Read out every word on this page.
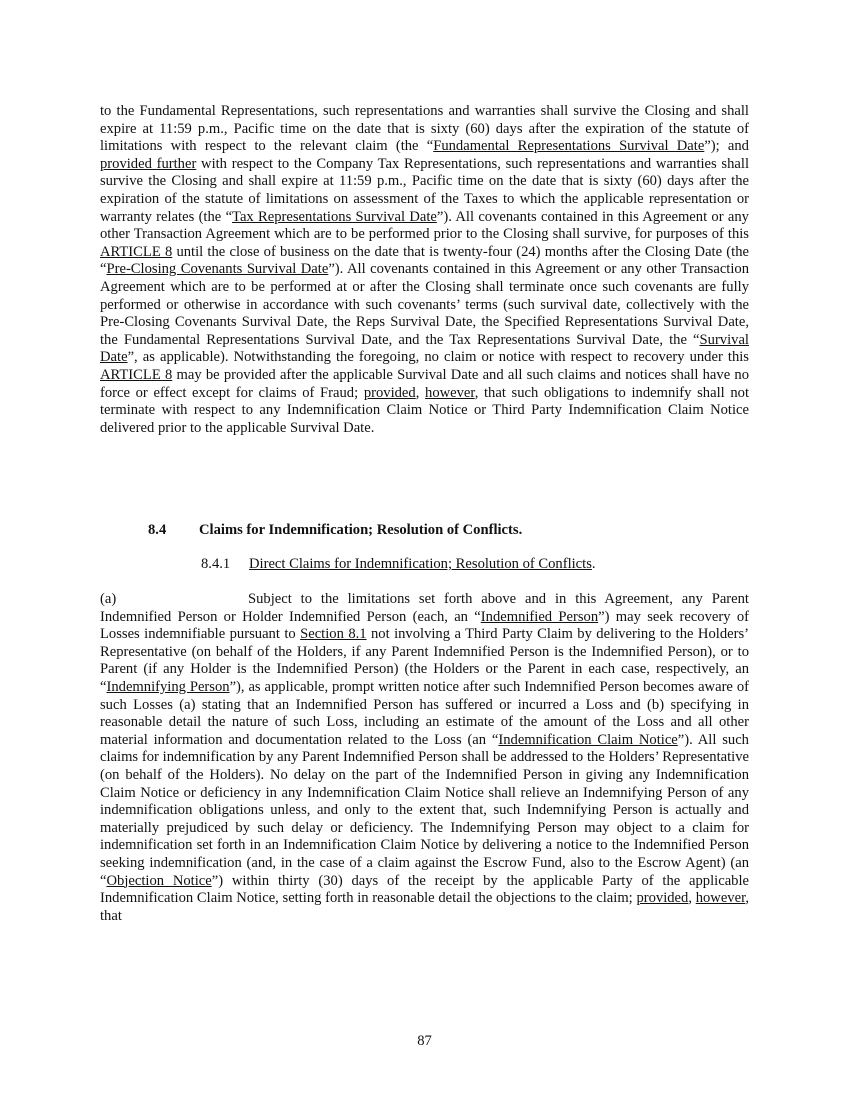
to the Fundamental Representations, such representations and warranties shall survive the Closing and shall expire at 11:59 p.m., Pacific time on the date that is sixty (60) days after the expiration of the statute of limitations with respect to the relevant claim (the “Fundamental Representations Survival Date”); and provided further with respect to the Company Tax Representations, such representations and warranties shall survive the Closing and shall expire at 11:59 p.m., Pacific time on the date that is sixty (60) days after the expiration of the statute of limitations on assessment of the Taxes to which the applicable representation or warranty relates (the “Tax Representations Survival Date”). All covenants contained in this Agreement or any other Transaction Agreement which are to be performed prior to the Closing shall survive, for purposes of this ARTICLE 8 until the close of business on the date that is twenty-four (24) months after the Closing Date (the “Pre-Closing Covenants Survival Date”). All covenants contained in this Agreement or any other Transaction Agreement which are to be performed at or after the Closing shall terminate once such covenants are fully performed or otherwise in accordance with such covenants’ terms (such survival date, collectively with the Pre-Closing Covenants Survival Date, the Reps Survival Date, the Specified Representations Survival Date, the Fundamental Representations Survival Date, and the Tax Representations Survival Date, the “Survival Date”, as applicable). Notwithstanding the foregoing, no claim or notice with respect to recovery under this ARTICLE 8 may be provided after the applicable Survival Date and all such claims and notices shall have no force or effect except for claims of Fraud; provided, however, that such obligations to indemnify shall not terminate with respect to any Indemnification Claim Notice or Third Party Indemnification Claim Notice delivered prior to the applicable Survival Date.

8.4 Claims for Indemnification; Resolution of Conflicts.

8.4.1 Direct Claims for Indemnification; Resolution of Conflicts.

(a)	Subject to the limitations set forth above and in this Agreement, any Parent Indemnified Person or Holder Indemnified Person (each, an “Indemnified Person”) may seek recovery of Losses indemnifiable pursuant to Section 8.1 not involving a Third Party Claim by delivering to the Holders’ Representative (on behalf of the Holders, if any Parent Indemnified Person is the Indemnified Person), or to Parent (if any Holder is the Indemnified Person) (the Holders or the Parent in each case, respectively, an “Indemnifying Person”), as applicable, prompt written notice after such Indemnified Person becomes aware of such Losses (a) stating that an Indemnified Person has suffered or incurred a Loss and (b) specifying in reasonable detail the nature of such Loss, including an estimate of the amount of the Loss and all other material information and documentation related to the Loss (an “Indemnification Claim Notice”). All such claims for indemnification by any Parent Indemnified Person shall be addressed to the Holders’ Representative (on behalf of the Holders). No delay on the part of the Indemnified Person in giving any Indemnification Claim Notice or deficiency in any Indemnification Claim Notice shall relieve an Indemnifying Person of any indemnification obligations unless, and only to the extent that, such Indemnifying Person is actually and materially prejudiced by such delay or deficiency. The Indemnifying Person may object to a claim for indemnification set forth in an Indemnification Claim Notice by delivering a notice to the Indemnified Person seeking indemnification (and, in the case of a claim against the Escrow Fund, also to the Escrow Agent) (an “Objection Notice”) within thirty (30) days of the receipt by the applicable Party of the applicable Indemnification Claim Notice, setting forth in reasonable detail the objections to the claim; provided, however, that

87
